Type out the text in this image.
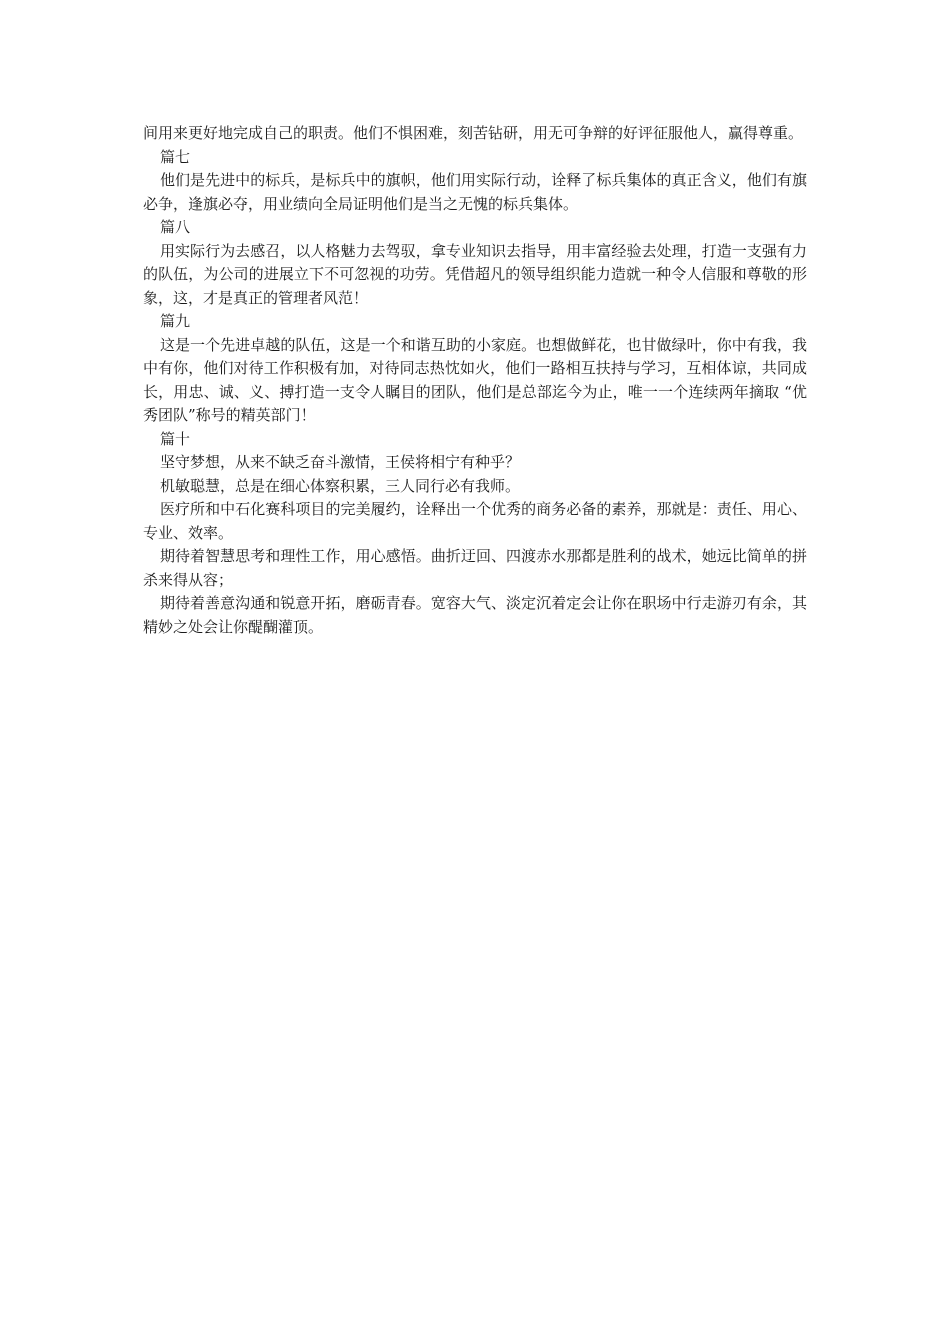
间用来更好地完成自己的职责。他们不惧困难，刻苦钻研，用无可争辩的好评征服他人，赢得尊重。

篇七

他们是先进中的标兵，是标兵中的旗帜，他们用实际行动，诠释了标兵集体的真正含义，他们有旗必争，逢旗必夺，用业绩向全局证明他们是当之无愧的标兵集体。

篇八

用实际行为去感召，以人格魅力去驾驭，拿专业知识去指导，用丰富经验去处理，打造一支强有力的队伍，为公司的进展立下不可忽视的功劳。凭借超凡的领导组织能力造就一种令人信服和尊敬的形象，这，才是真正的管理者风范！

篇九

这是一个先进卓越的队伍，这是一个和谐互助的小家庭。也想做鲜花，也甘做绿叶，你中有我，我中有你，他们对待工作积极有加，对待同志热忱如火，他们一路相互扶持与学习，互相体谅，共同成长，用忠、诚、义、搏打造一支令人瞩目的团队，他们是总部迄今为止，唯一一个连续两年摘取 “优秀团队”称号的精英部门！

篇十

坚守梦想，从来不缺乏奋斗激情，王侯将相宁有种乎？

机敏聪慧，总是在细心体察积累，三人同行必有我师。

医疗所和中石化赛科项目的完美履约，诠释出一个优秀的商务必备的素养，那就是：责任、用心、专业、效率。

期待着智慧思考和理性工作，用心感悟。曲折迂回、四渡赤水那都是胜利的战术，她远比简单的拼杀来得从容；

期待着善意沟通和锐意开拓，磨砺青春。宽容大气、淡定沉着定会让你在职场中行走游刃有余，其精妙之处会让你醍醐灌顶。
